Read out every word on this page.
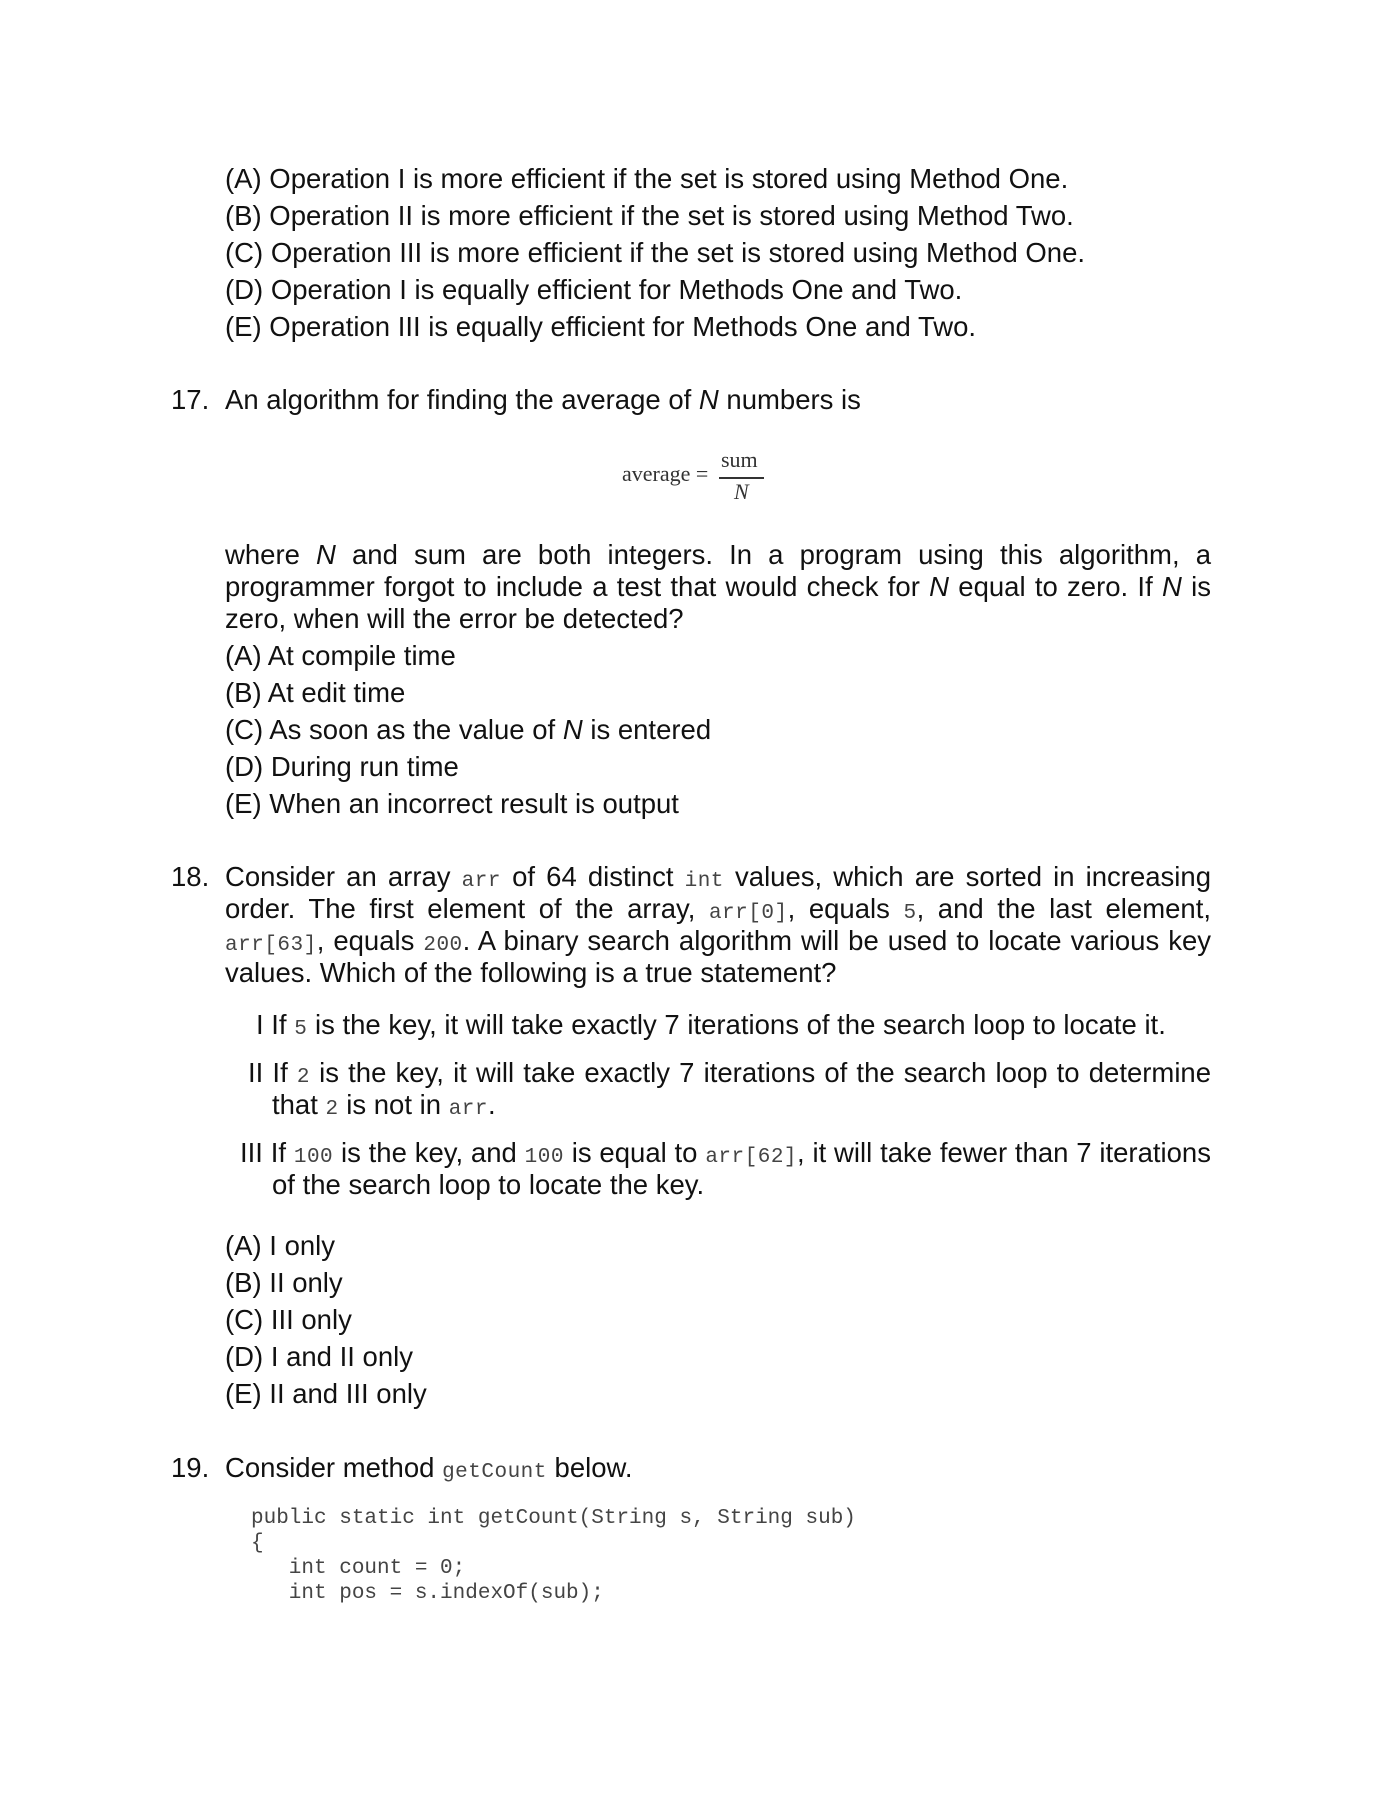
(A) Operation I is more efficient if the set is stored using Method One.
(B) Operation II is more efficient if the set is stored using Method Two.
(C) Operation III is more efficient if the set is stored using Method One.
(D) Operation I is equally efficient for Methods One and Two.
(E) Operation III is equally efficient for Methods One and Two.
17. An algorithm for finding the average of N numbers is
average =
sum
N
where N and sum are both integers. In a program using this algorithm, a
programmer forgot to include a test that would check for N equal to zero. If N is
zero, when will the error be detected?
(A) At compile time
(B) At edit time
(C) As soon as the value of N is entered
(D) During run time
(E) When an incorrect result is output
18. Consider an array arr of 64 distinct int values, which are sorted in increasing
order. The first element of the array, arr[0], equals 5, and the last element,
arr[63], equals 200. A binary search algorithm will be used to locate various key
values. Which of the following is a true statement?
I If 5 is the key, it will take exactly 7 iterations of the search loop to locate it.
II If 2 is the key, it will take exactly 7 iterations of the search loop to determine
that 2 is not in arr.
III If 100 is the key, and 100 is equal to arr[62], it will take fewer than 7 iterations
of the search loop to locate the key.
(A) I only
(B) II only
(C) III only
(D) I and II only
(E) II and III only
19. Consider method getCount below.
public static int getCount(String s, String sub)
{
int count = 0;
int pos = s.indexOf(sub);
